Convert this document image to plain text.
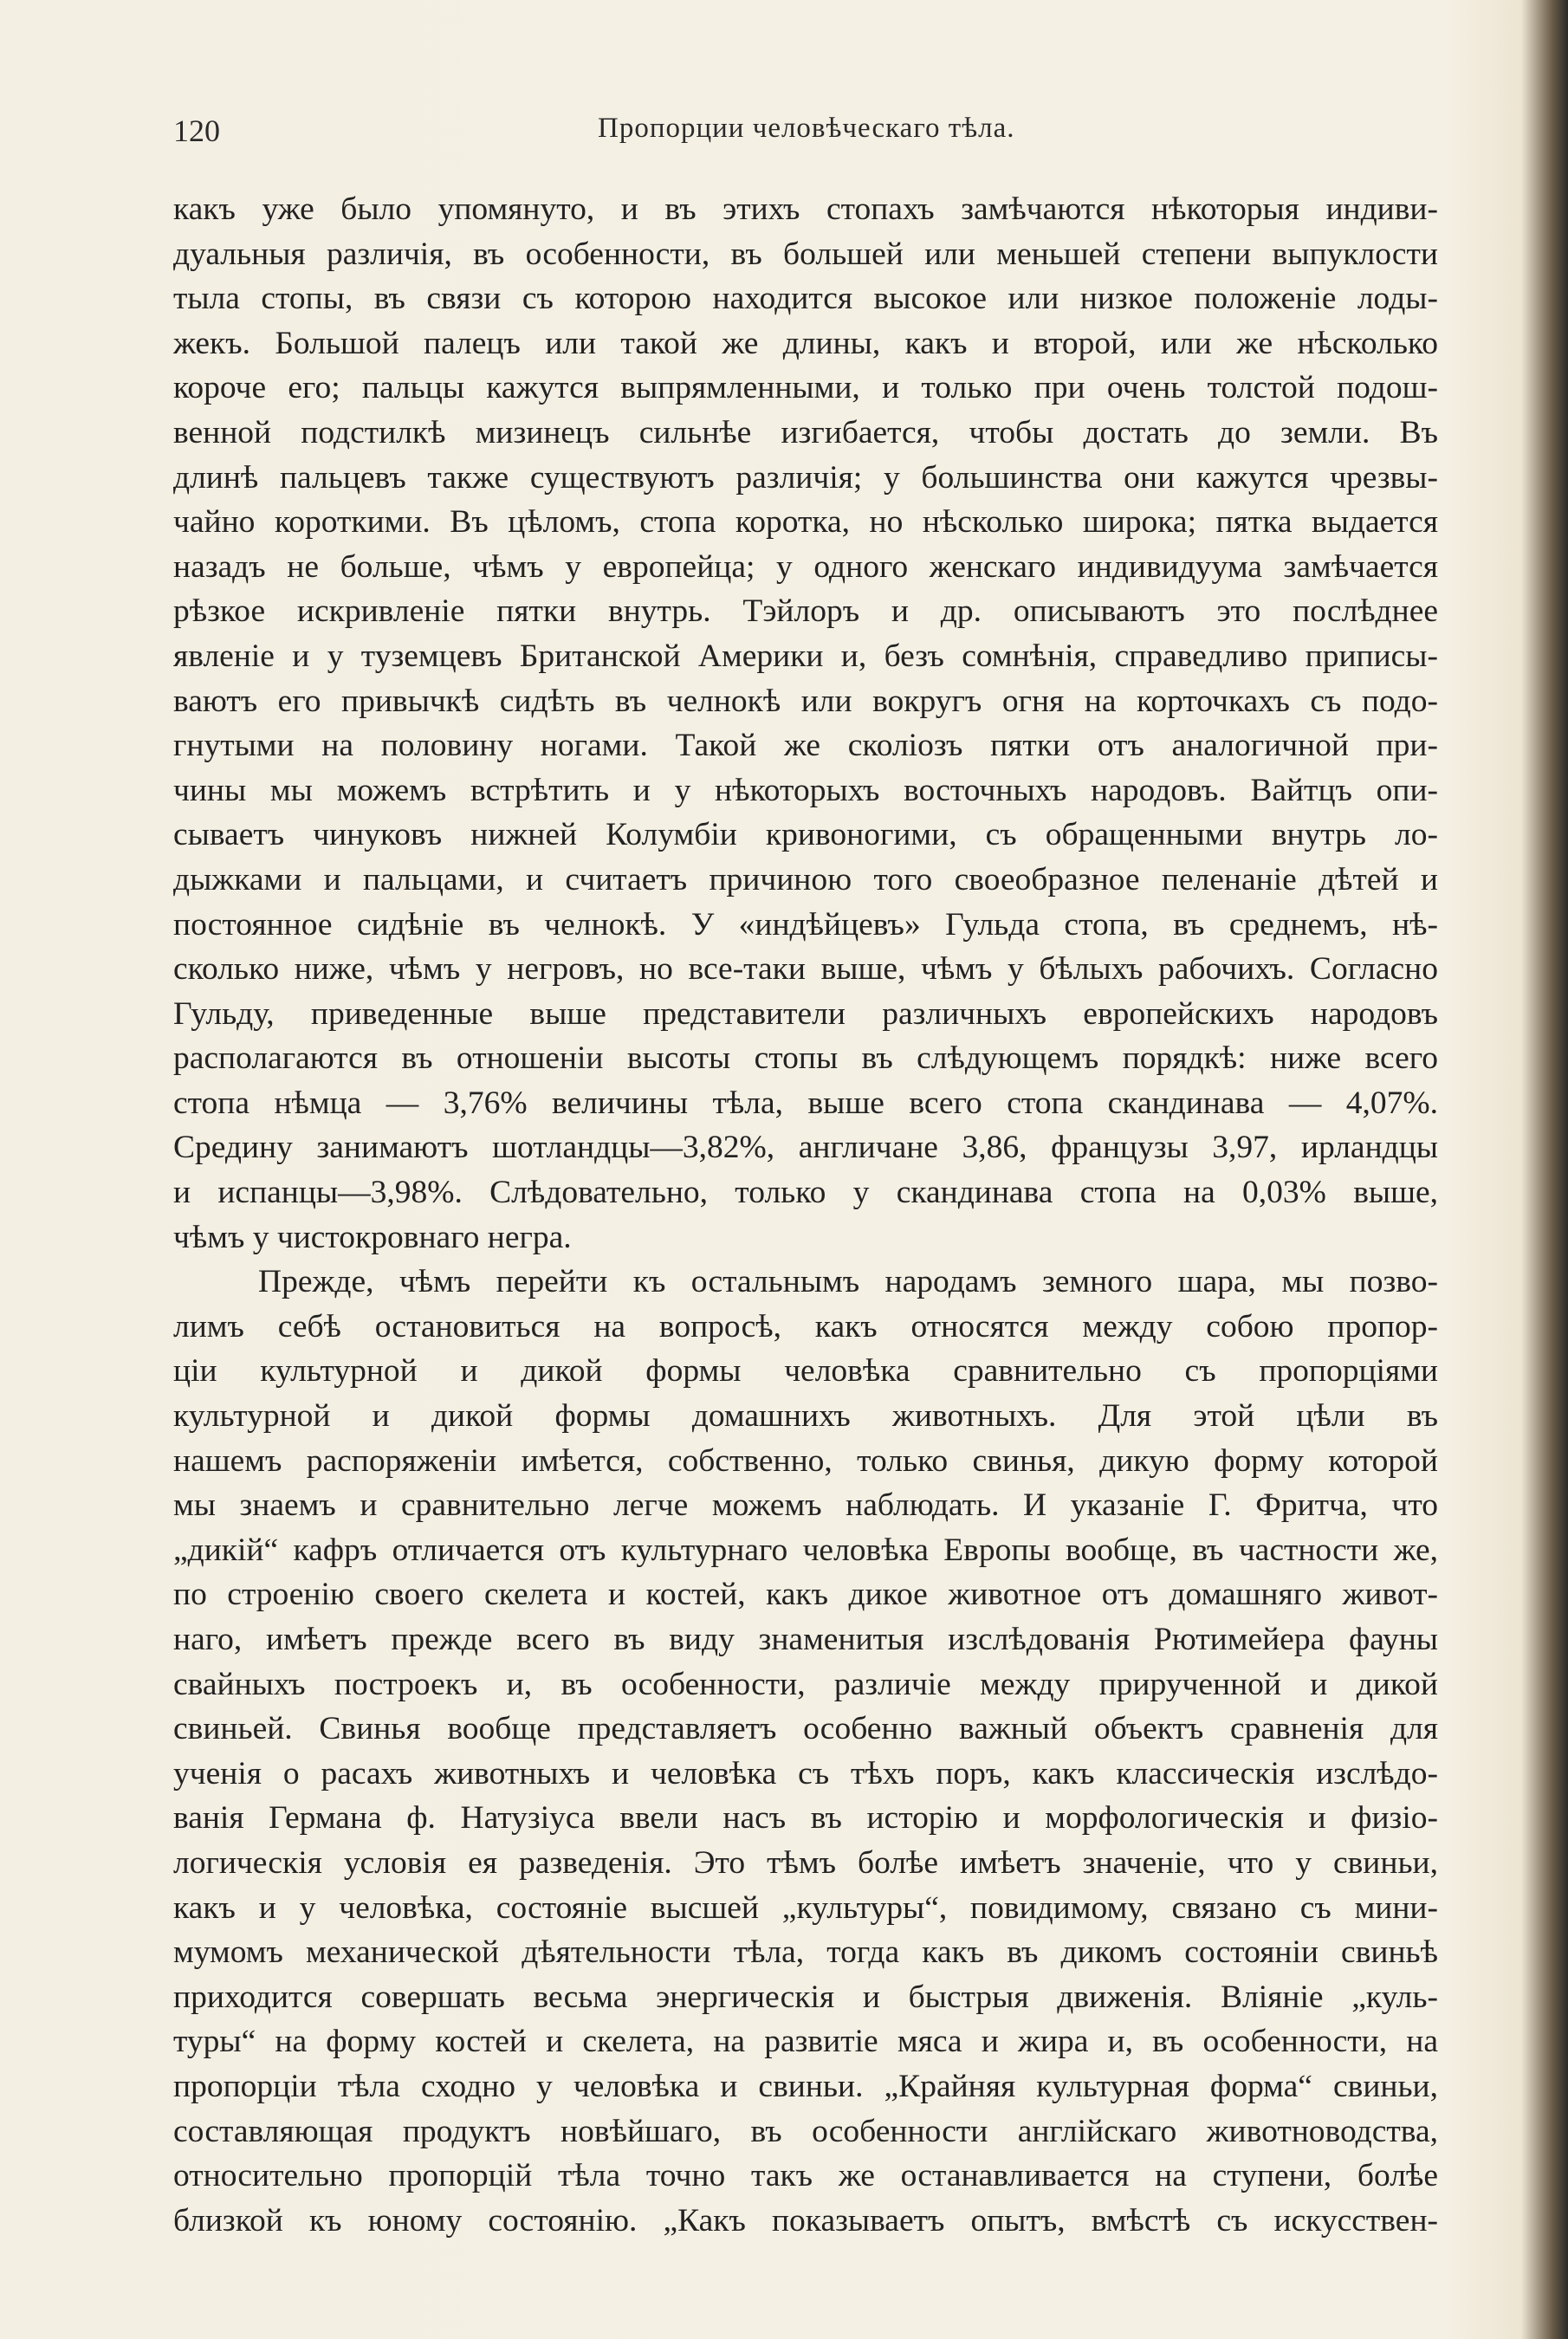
120	Пропорции человѣческаго тѣла.
какъ уже было упомянуто, и въ этихъ стопахъ замѣчаются нѣкоторыя индиви-
дуальныя различія, въ особенности, въ большей или меньшей степени выпуклости
тыла стопы, въ связи съ которою находится высокое или низкое положеніе лоды-
жекъ. Большой палецъ или такой же длины, какъ и второй, или же нѣсколько
короче его; пальцы кажутся выпрямленными, и только при очень толстой подош-
венной подстилкѣ мизинецъ сильнѣе изгибается, чтобы достать до земли. Въ
длинѣ пальцевъ также существуютъ различія; у большинства они кажутся чрезвы-
чайно короткими. Въ цѣломъ, стопа коротка, но нѣсколько широка; пятка выдается
назадъ не больше, чѣмъ у европейца; у одного женскаго индивидуума замѣчается
рѣзкое искривленіе пятки внутрь. Тэйлоръ и др. описываютъ это послѣднее
явленіе и у туземцевъ Британской Америки и, безъ сомнѣнія, справедливо приписы-
ваютъ его привычкѣ сидѣть въ челнокѣ или вокругъ огня на корточкахъ съ подо-
гнутыми на половину ногами. Такой же сколіозъ пятки отъ аналогичной при-
чины мы можемъ встрѣтить и у нѣкоторыхъ восточныхъ народовъ. Вайтцъ опи-
сываетъ чинуковъ нижней Колумбіи кривоногими, съ обращенными внутрь ло-
дыжками и пальцами, и считаетъ причиною того своеобразное пеленаніе дѣтей и
постоянное сидѣніе въ челнокѣ. У «индѣйцевъ» Гульда стопа, въ среднемъ, нѣ-
сколько ниже, чѣмъ у негровъ, но все-таки выше, чѣмъ у бѣлыхъ рабочихъ. Согласно
Гульду, приведенные выше представители различныхъ европейскихъ народовъ
располагаются въ отношеніи высоты стопы въ слѣдующемъ порядкѣ: ниже всего
стопа нѣмца — 3,76% величины тѣла, выше всего стопа скандинава — 4,07%.
Средину занимаютъ шотландцы—3,82%, англичане 3,86, французы 3,97, ирландцы
и испанцы—3,98%. Слѣдовательно, только у скандинава стопа на 0,03% выше,
чѣмъ у чистокровнаго негра.
Прежде, чѣмъ перейти къ остальнымъ народамъ земного шара, мы позво-
лимъ себѣ остановиться на вопросѣ, какъ относятся между собою пропор-
ціи культурной и дикой формы человѣка сравнительно съ пропорціями
культурной и дикой формы домашнихъ животныхъ. Для этой цѣли въ
нашемъ распоряженіи имѣется, собственно, только свинья, дикую форму которой
мы знаемъ и сравнительно легче можемъ наблюдать. И указаніе Г. Фритча, что
„дикій“ кафръ отличается отъ культурнаго человѣка Европы вообще, въ частности же,
по строенію своего скелета и костей, какъ дикое животное отъ домашняго живот-
наго, имѣетъ прежде всего въ виду знаменитыя изслѣдованія Рютимейера фауны
свайныхъ построекъ и, въ особенности, различіе между прирученной и дикой
свиньей. Свинья вообще представляетъ особенно важный объектъ сравненія для
ученія о расахъ животныхъ и человѣка съ тѣхъ поръ, какъ классическія изслѣдо-
ванія Германа ф. Натузіуса ввели насъ въ исторію и морфологическія и физіо-
логическія условія ея разведенія. Это тѣмъ болѣе имѣетъ значеніе, что у свиньи,
какъ и у человѣка, состояніе высшей „культуры“, повидимому, связано съ мини-
мумомъ механической дѣятельности тѣла, тогда какъ въ дикомъ состояніи свиньѣ
приходится совершать весьма энергическія и быстрыя движенія. Вліяніе „куль-
туры“ на форму костей и скелета, на развитіе мяса и жира и, въ особенности, на
пропорціи тѣла сходно у человѣка и свиньи. „Крайняя культурная форма“ свиньи,
составляющая продуктъ новѣйшаго, въ особенности англійскаго животноводства,
относительно пропорцій тѣла точно такъ же останавливается на ступени, болѣе
близкой къ юному состоянію. „Какъ показываетъ опытъ, вмѣстѣ съ искусствен-
